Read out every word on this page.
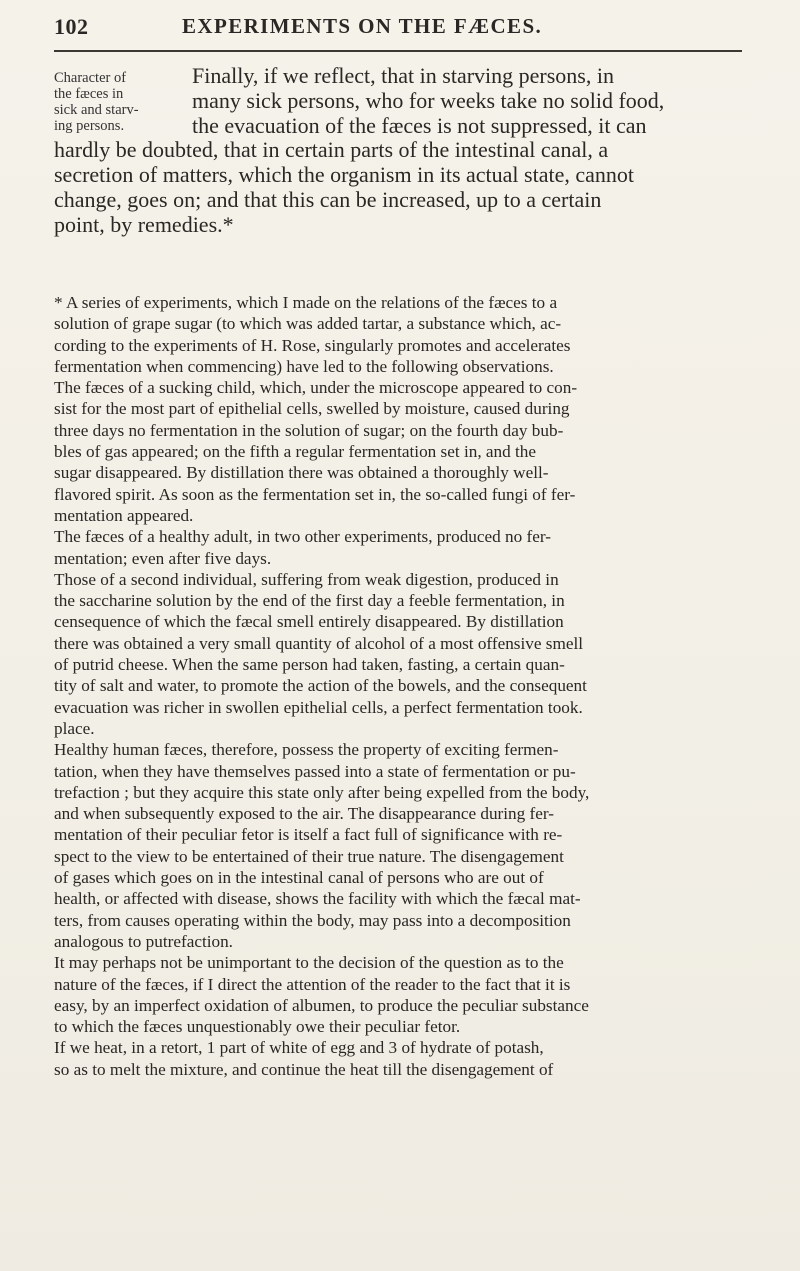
102	EXPERIMENTS ON THE FÆCES.
Character of
the fæces in
sick and starv-
ing persons.
Finally, if we reflect, that in starving persons, in
many sick persons, who for weeks take no solid food,
the evacuation of the fæces is not suppressed, it can
hardly be doubted, that in certain parts of the intestinal canal, a
secretion of matters, which the organism in its actual state, cannot
change, goes on; and that this can be increased, up to a certain
point, by remedies.*
* A series of experiments, which I made on the relations of the fæces to a
solution of grape sugar (to which was added tartar, a substance which, ac-
cording to the experiments of H. Rose, singularly promotes and accelerates
fermentation when commencing) have led to the following observations.
The fæces of a sucking child, which, under the microscope appeared to con-
sist for the most part of epithelial cells, swelled by moisture, caused during
three days no fermentation in the solution of sugar; on the fourth day bub-
bles of gas appeared; on the fifth a regular fermentation set in, and the
sugar disappeared. By distillation there was obtained a thoroughly well-
flavored spirit. As soon as the fermentation set in, the so-called fungi of fer-
mentation appeared.
The fæces of a healthy adult, in two other experiments, produced no fer-
mentation; even after five days.
Those of a second individual, suffering from weak digestion, produced in
the saccharine solution by the end of the first day a feeble fermentation, in
censequence of which the fæcal smell entirely disappeared. By distillation
there was obtained a very small quantity of alcohol of a most offensive smell
of putrid cheese. When the same person had taken, fasting, a certain quan-
tity of salt and water, to promote the action of the bowels, and the consequent
evacuation was richer in swollen epithelial cells, a perfect fermentation took.
place.
Healthy human fæces, therefore, possess the property of exciting fermen-
tation, when they have themselves passed into a state of fermentation or pu-
trefaction ; but they acquire this state only after being expelled from the body,
and when subsequently exposed to the air. The disappearance during fer-
mentation of their peculiar fetor is itself a fact full of significance with re-
spect to the view to be entertained of their true nature. The disengagement
of gases which goes on in the intestinal canal of persons who are out of
health, or affected with disease, shows the facility with which the fæcal mat-
ters, from causes operating within the body, may pass into a decomposition
analogous to putrefaction.
It may perhaps not be unimportant to the decision of the question as to the
nature of the fæces, if I direct the attention of the reader to the fact that it is
easy, by an imperfect oxidation of albumen, to produce the peculiar substance
to which the fæces unquestionably owe their peculiar fetor.
If we heat, in a retort, 1 part of white of egg and 3 of hydrate of potash,
so as to melt the mixture, and continue the heat till the disengagement of
